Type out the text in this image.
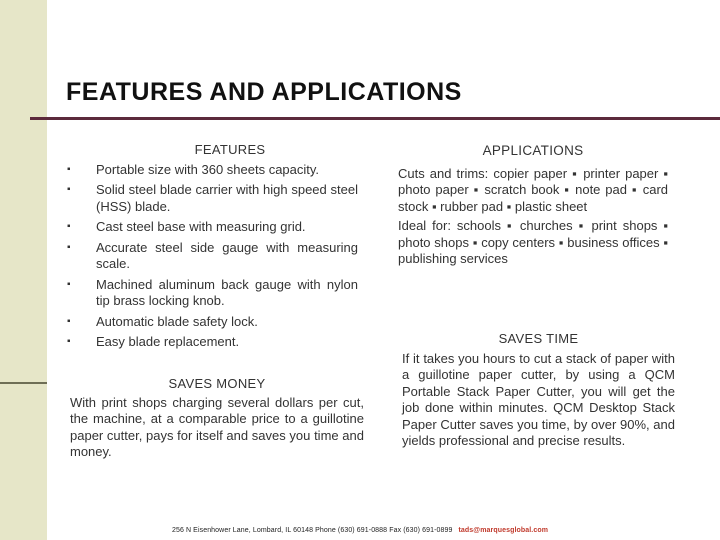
FEATURES AND APPLICATIONS
FEATURES
▪ Portable size with 360 sheets capacity.
▪ Solid steel blade carrier with high speed steel (HSS) blade.
▪ Cast steel base with measuring grid.
▪ Accurate steel side gauge with measuring scale.
▪ Machined aluminum back gauge with nylon tip brass locking knob.
▪ Automatic blade safety lock.
▪ Easy blade replacement.
SAVES MONEY
With print shops charging several dollars per cut, the machine, at a comparable price to a guillotine paper cutter, pays for itself and saves you time and money.
APPLICATIONS

Cuts and trims: copier paper ▪ printer paper ▪ photo paper ▪ scratch book ▪ note pad ▪ card stock ▪ rubber pad ▪ plastic sheet

Ideal for: schools ▪ churches ▪ print shops ▪ photo shops ▪ copy centers ▪ business offices ▪ publishing services

SAVES TIME

If it takes you hours to cut a stack of paper with a guillotine paper cutter, by using a QCM Portable Stack Paper Cutter, you will get the job done within minutes. QCM Desktop Stack Paper Cutter saves you time, by over 90%, and yields professional and precise results.

256 N Eisenhower Lane, Lombard, IL 60148 Phone (630) 691-0888 Fax (630) 691-0899 tads@marquesglobal.com
